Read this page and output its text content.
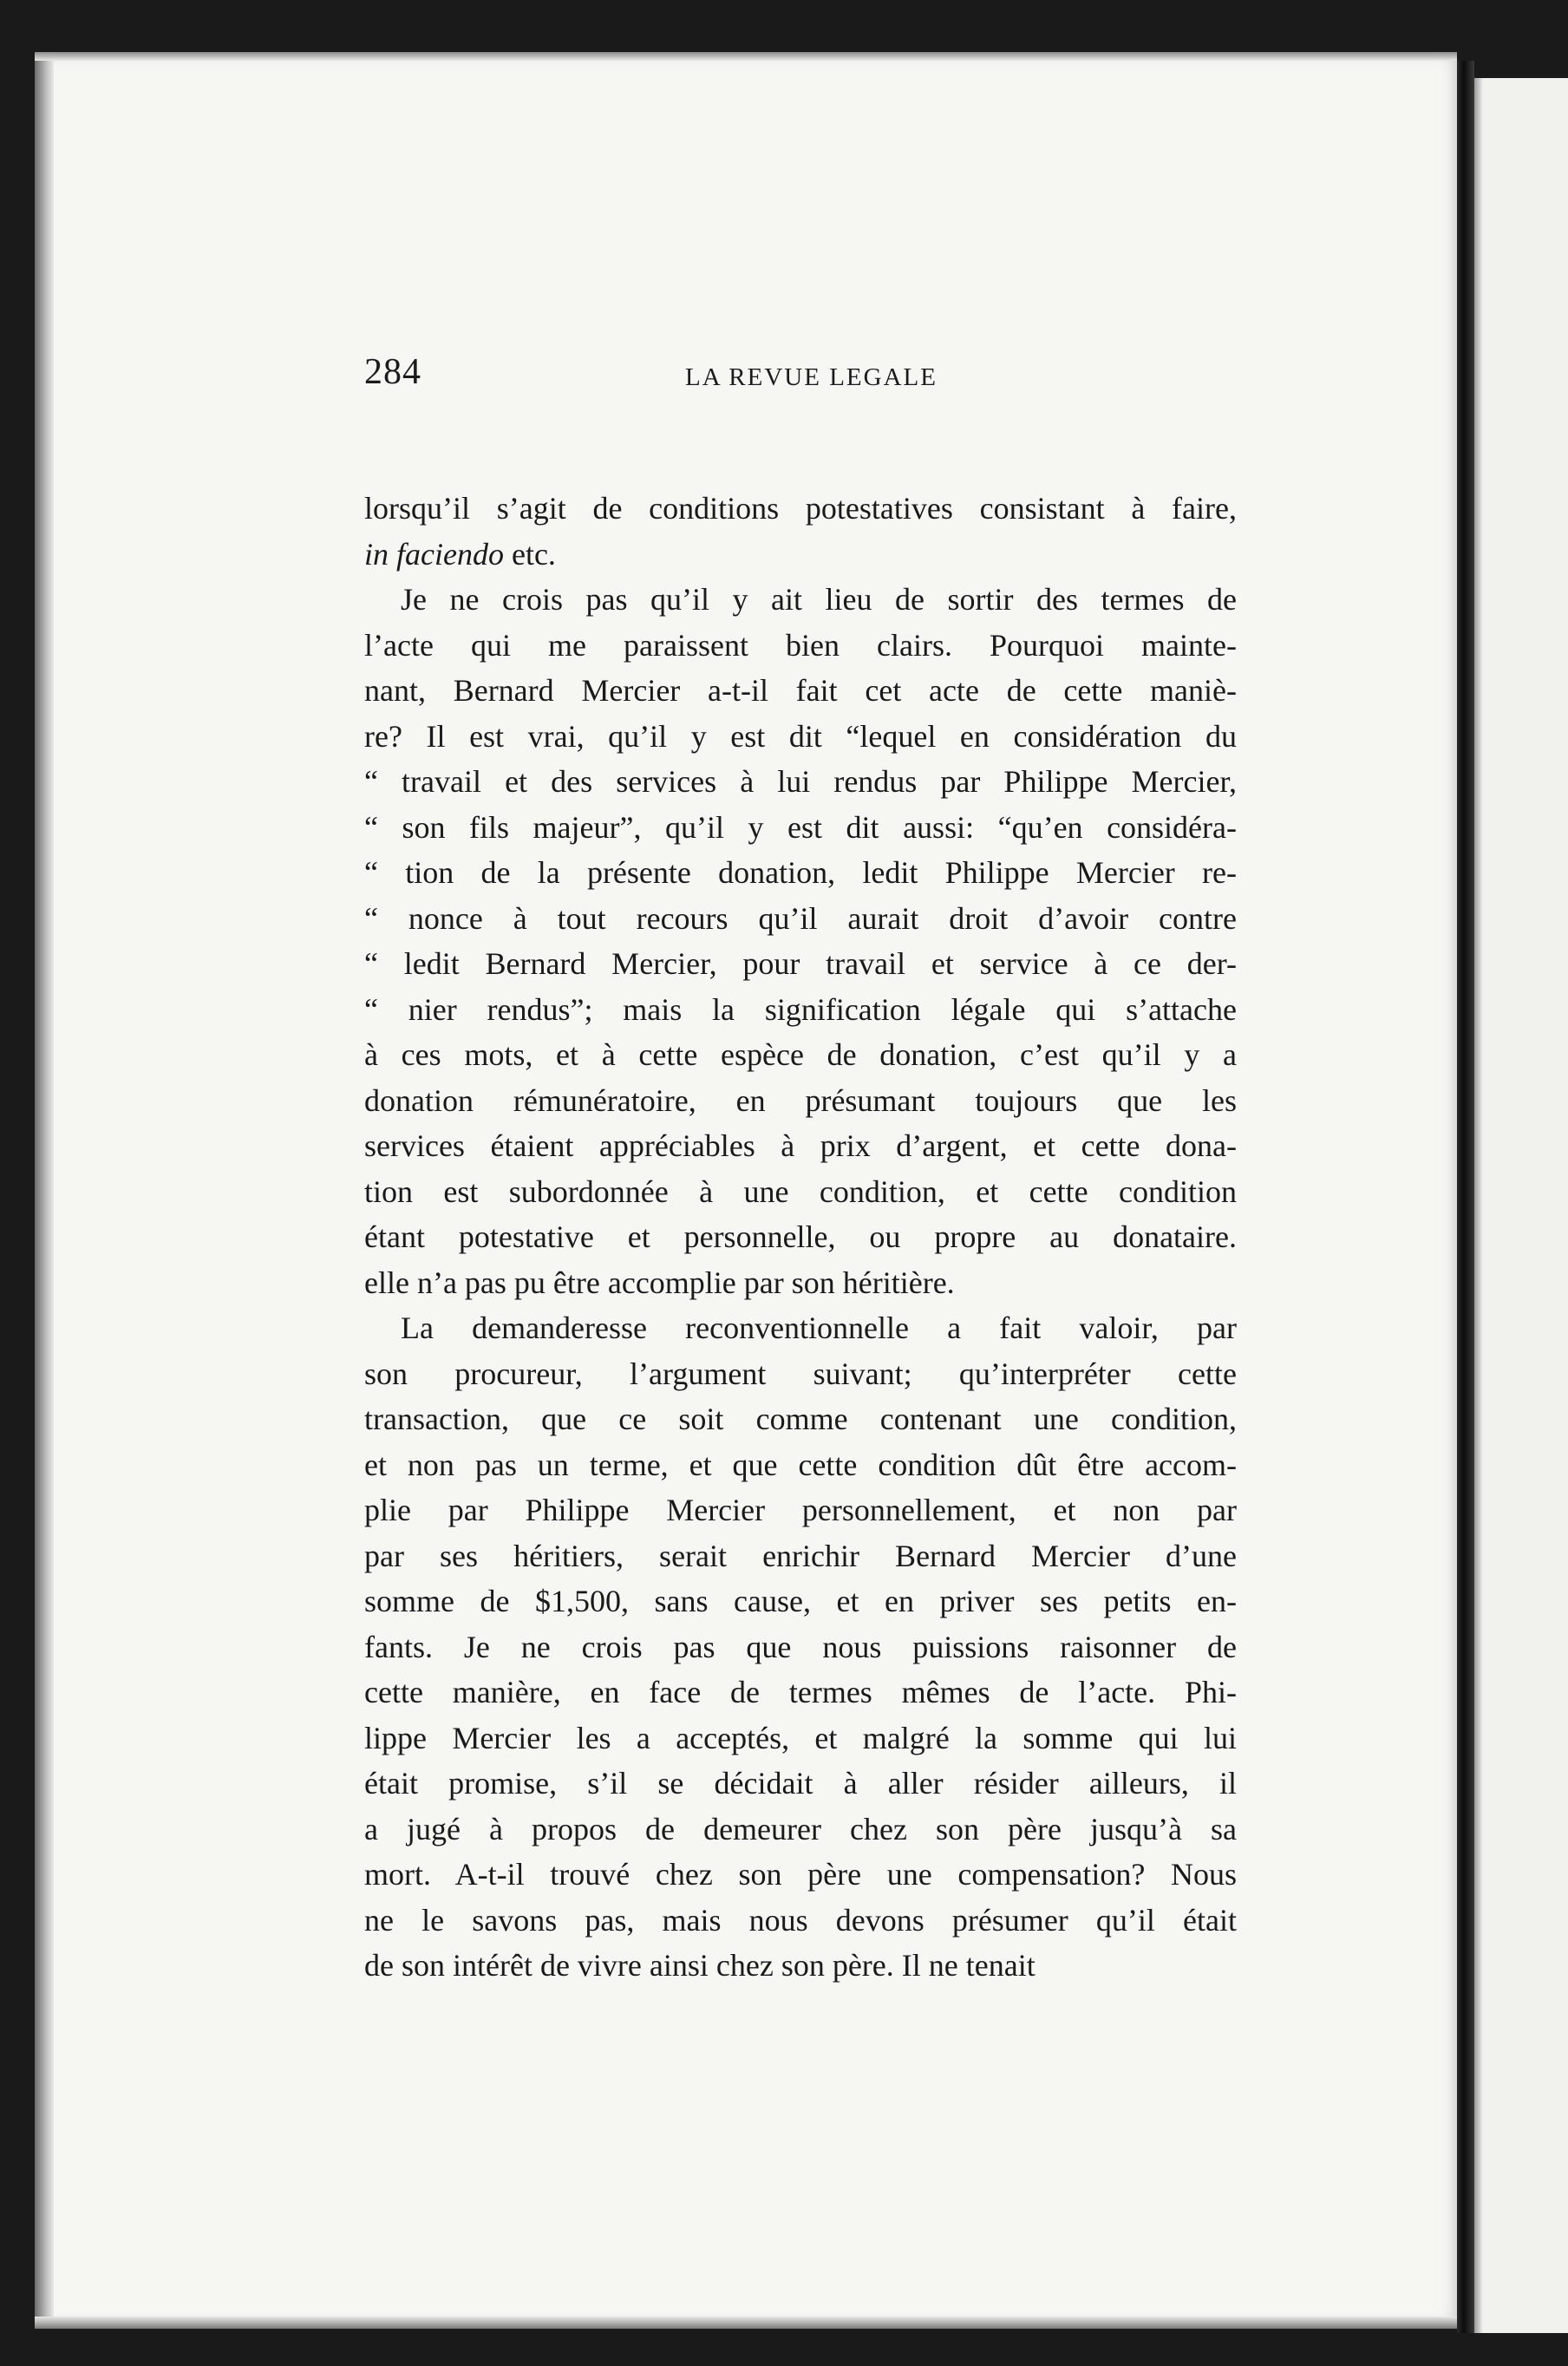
284	LA REVUE LEGALE
lorsqu’il s’agit de conditions potestatives consistant à faire,
in faciendo etc.
Je ne crois pas qu’il y ait lieu de sortir des termes de
l’acte qui me paraissent bien clairs. Pourquoi mainte-
nant, Bernard Mercier a-t-il fait cet acte de cette maniè-
re? Il est vrai, qu’il y est dit “lequel en considération du
“ travail et des services à lui rendus par Philippe Mercier,
“ son fils majeur”, qu’il y est dit aussi: “qu’en considéra-
“ tion de la présente donation, ledit Philippe Mercier re-
“ nonce à tout recours qu’il aurait droit d’avoir contre
“ ledit Bernard Mercier, pour travail et service à ce der-
“ nier rendus”; mais la signification légale qui s’attache
à ces mots, et à cette espèce de donation, c’est qu’il y a
donation rémunératoire, en présumant toujours que les
services étaient appréciables à prix d’argent, et cette dona-
tion est subordonnée à une condition, et cette condition
étant potestative et personnelle, ou propre au donataire.
elle n’a pas pu être accomplie par son héritière.
La demanderesse reconventionnelle a fait valoir, par
son procureur, l’argument suivant; qu’interpréter cette
transaction, que ce soit comme contenant une condition,
et non pas un terme, et que cette condition dût être accom-
plie par Philippe Mercier personnellement, et non par
par ses héritiers, serait enrichir Bernard Mercier d’une
somme de $1,500, sans cause, et en priver ses petits en-
fants. Je ne crois pas que nous puissions raisonner de
cette manière, en face de termes mêmes de l’acte. Phi-
lippe Mercier les a acceptés, et malgré la somme qui lui
était promise, s’il se décidait à aller résider ailleurs, il
a jugé à propos de demeurer chez son père jusqu’à sa
mort. A-t-il trouvé chez son père une compensation? Nous
ne le savons pas, mais nous devons présumer qu’il était
de son intérêt de vivre ainsi chez son père. Il ne tenait
